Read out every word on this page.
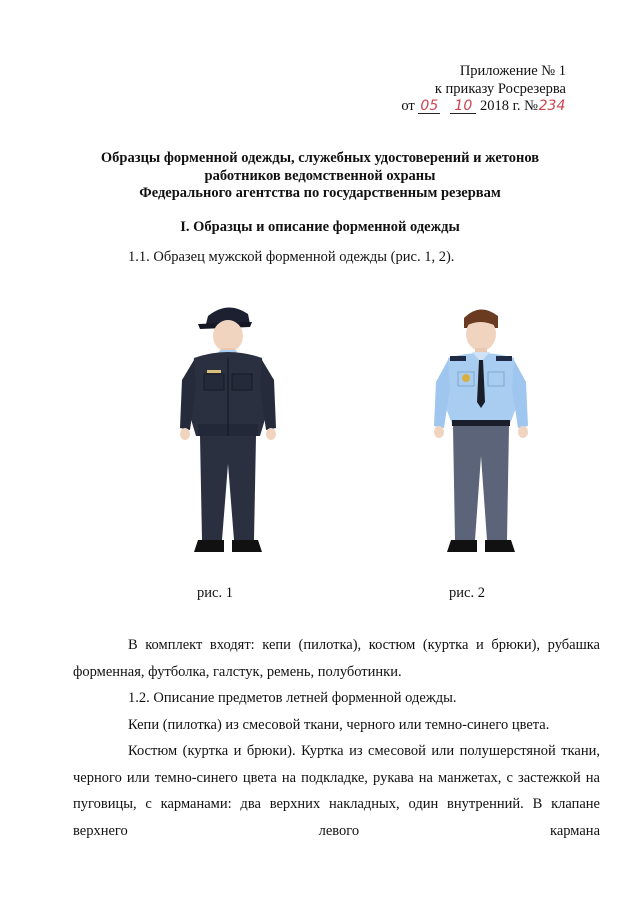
Приложение № 1
к приказу Росрезерва
от 05 10 2018 г. №234
Образцы форменной одежды, служебных удостоверений и жетонов
работников ведомственной охраны
Федерального агентства по государственным резервам
I. Образцы и описание форменной одежды
1.1. Образец мужской форменной одежды (рис. 1, 2).
рис. 1	рис. 2

В комплект входят: кепи (пилотка), костюм (куртка и брюки), рубашка форменная, футболка, галстук, ремень, полуботинки.

1.2. Описание предметов летней форменной одежды.

Кепи (пилотка) из смесовой ткани, черного или темно-синего цвета.

Костюм (куртка и брюки). Куртка из смесовой или полушерстяной ткани, черного или темно-синего цвета на подкладке, рукава на манжетах, с застежкой на пуговицы, с карманами: два верхних накладных, один внутренний. В клапане верхнего левого кармана
